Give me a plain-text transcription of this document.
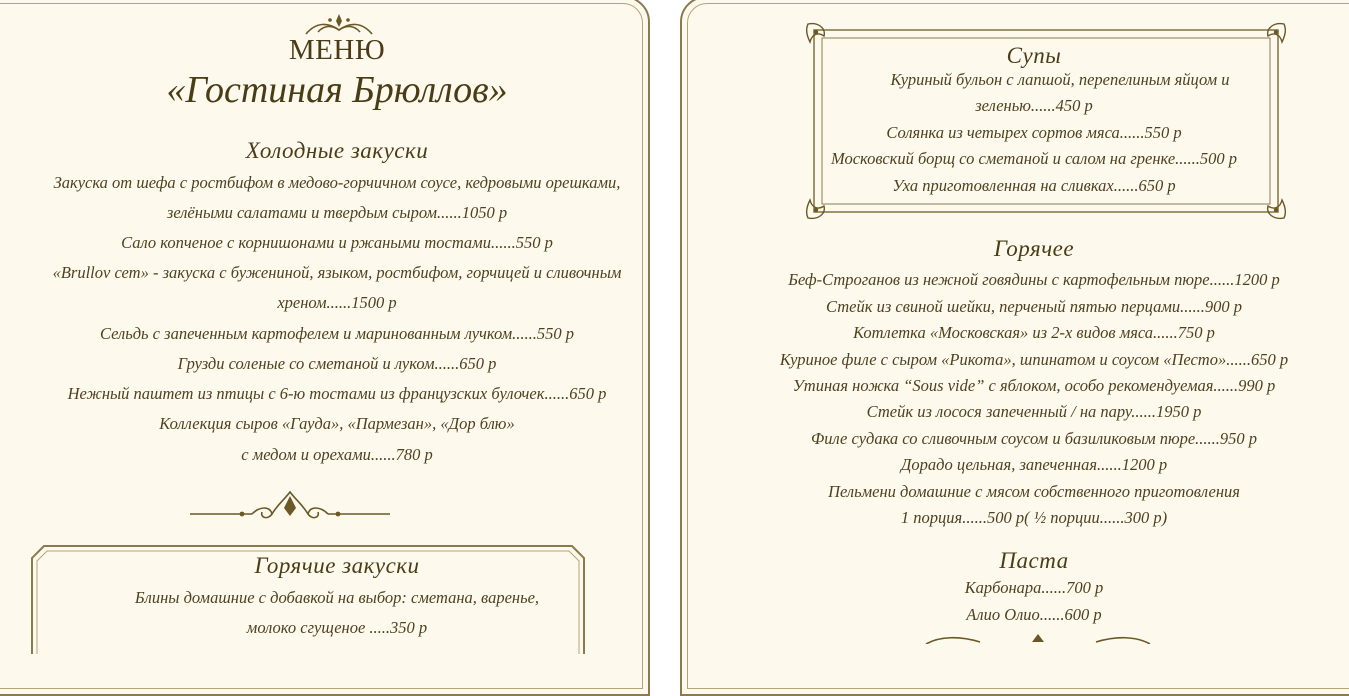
МЕНЮ
«Гостиная Брюллов»
Холодные закуски
Закуска от шефа с ростбифом в медово-горчичном соусе, кедровыми орешками,
зелёными салатами и твердым сыром......1050 р
Сало копченое с корнишонами и ржаными тостами......550 р
«Brullov сет» - закуска с бужениной, языком, ростбифом, горчицей и сливочным
хреном......1500 р
Сельдь с запеченным картофелем и маринованным лучком......550 р
Грузди соленые со сметаной и луком......650 р
Нежный паштет из птицы с 6-ю тостами из французских булочек......650 р
Коллекция сыров «Гауда», «Пармезан», «Дор блю»
с медом и орехами......780 р
Горячие закуски
Блины домашние с добавкой на выбор: сметана, варенье,
молоко сгущеное .....350 р
Супы
Куриный бульон с лапшой, перепелиным яйцом и
зеленью......450 р
Солянка из четырех сортов мяса......550 р
Московский борщ со сметаной и салом на гренке......500 р
Уха приготовленная на сливках......650 р
Горячее
Беф-Строганов из нежной говядины с картофельным пюре......1200 р
Стейк из свиной шейки, перченый пятью перцами......900 р
Котлетка «Московская» из 2-х видов мяса......750 р
Куриное филе с сыром «Рикота», шпинатом и соусом «Песто»......650 р
Утиная ножка “Sous vide” с яблоком, особо рекомендуемая......990 р
Стейк из лосося запеченный / на пару......1950 р
Филе судака со сливочным соусом и базиликовым пюре......950 р
Дорадо цельная, запеченная......1200 р
Пельмени домашние с мясом собственного приготовления
1 порция......500 р( ½ порции......300 р)
Паста
Карбонара......700 р
Алио Олио......600 р
